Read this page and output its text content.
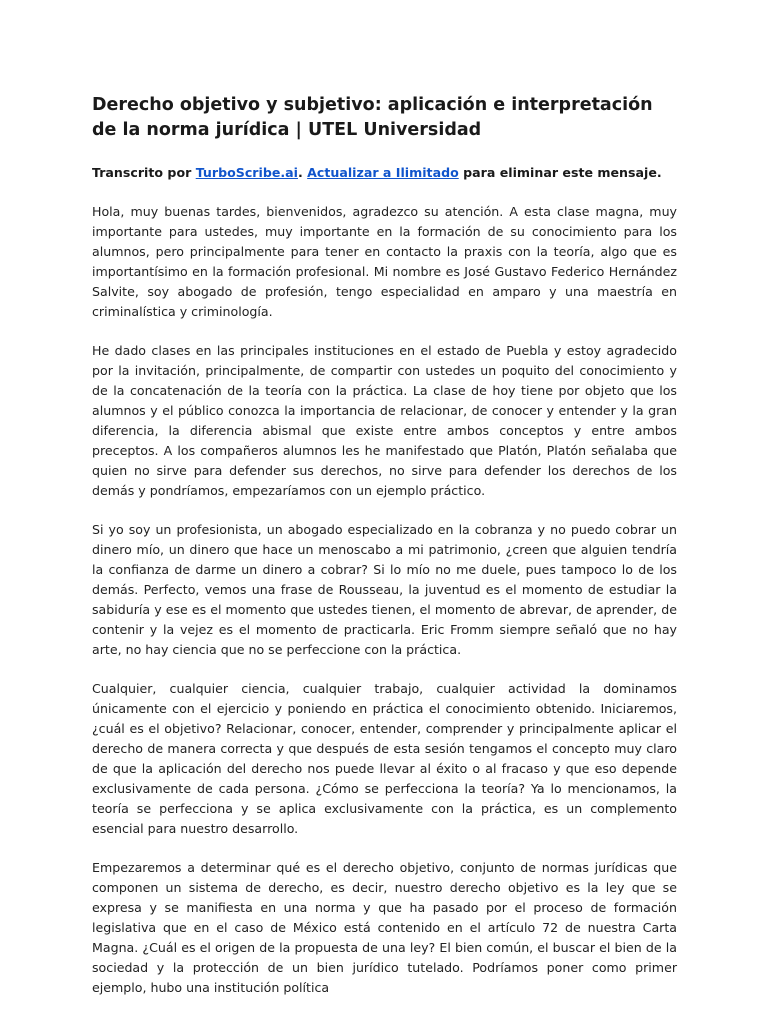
Derecho objetivo y subjetivo: aplicación e interpretación de la norma jurídica | UTEL Universidad

Transcrito por TurboScribe.ai. Actualizar a Ilimitado para eliminar este mensaje.

Hola, muy buenas tardes, bienvenidos, agradezco su atención. A esta clase magna, muy importante para ustedes, muy importante en la formación de su conocimiento para los alumnos, pero principalmente para tener en contacto la praxis con la teoría, algo que es importantísimo en la formación profesional. Mi nombre es José Gustavo Federico Hernández Salvite, soy abogado de profesión, tengo especialidad en amparo y una maestría en criminalística y criminología.

He dado clases en las principales instituciones en el estado de Puebla y estoy agradecido por la invitación, principalmente, de compartir con ustedes un poquito del conocimiento y de la concatenación de la teoría con la práctica. La clase de hoy tiene por objeto que los alumnos y el público conozca la importancia de relacionar, de conocer y entender y la gran diferencia, la diferencia abismal que existe entre ambos conceptos y entre ambos preceptos. A los compañeros alumnos les he manifestado que Platón, Platón señalaba que quien no sirve para defender sus derechos, no sirve para defender los derechos de los demás y pondríamos, empezaríamos con un ejemplo práctico.

Si yo soy un profesionista, un abogado especializado en la cobranza y no puedo cobrar un dinero mío, un dinero que hace un menoscabo a mi patrimonio, ¿creen que alguien tendría la confianza de darme un dinero a cobrar? Si lo mío no me duele, pues tampoco lo de los demás. Perfecto, vemos una frase de Rousseau, la juventud es el momento de estudiar la sabiduría y ese es el momento que ustedes tienen, el momento de abrevar, de aprender, de contenir y la vejez es el momento de practicarla. Eric Fromm siempre señaló que no hay arte, no hay ciencia que no se perfeccione con la práctica.

Cualquier, cualquier ciencia, cualquier trabajo, cualquier actividad la dominamos únicamente con el ejercicio y poniendo en práctica el conocimiento obtenido. Iniciaremos, ¿cuál es el objetivo? Relacionar, conocer, entender, comprender y principalmente aplicar el derecho de manera correcta y que después de esta sesión tengamos el concepto muy claro de que la aplicación del derecho nos puede llevar al éxito o al fracaso y que eso depende exclusivamente de cada persona. ¿Cómo se perfecciona la teoría? Ya lo mencionamos, la teoría se perfecciona y se aplica exclusivamente con la práctica, es un complemento esencial para nuestro desarrollo.

Empezaremos a determinar qué es el derecho objetivo, conjunto de normas jurídicas que componen un sistema de derecho, es decir, nuestro derecho objetivo es la ley que se expresa y se manifiesta en una norma y que ha pasado por el proceso de formación legislativa que en el caso de México está contenido en el artículo 72 de nuestra Carta Magna. ¿Cuál es el origen de la propuesta de una ley? El bien común, el buscar el bien de la sociedad y la protección de un bien jurídico tutelado. Podríamos poner como primer ejemplo, hubo una institución política
